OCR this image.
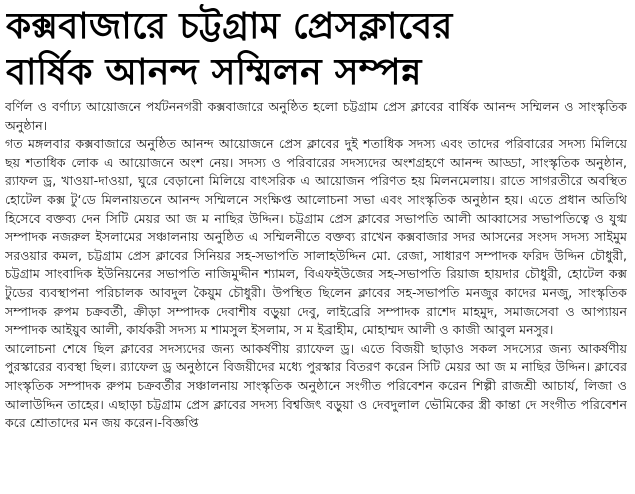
কক্সবাজারে চট্টগ্রাম প্রেসক্লাবের
বার্ষিক আনন্দ সম্মিলন সম্পন্ন

বর্ণিল ও বর্ণাঢ্য আয়োজনে পর্যটননগরী কক্সবাজারে অনুষ্ঠিত হলো চট্টগ্রাম প্রেস ক্লাবের বার্ষিক আনন্দ সম্মিলন ও সাংস্কৃতিক অনুষ্ঠান।

গত মঙ্গলবার কক্সবাজারে অনুষ্ঠিত আনন্দ আয়োজনে প্রেস ক্লাবের দুই শতাধিক সদস্য এবং তাদের পরিবারের সদস্য মিলিয়ে ছয় শতাধিক লোক এ আয়োজনে অংশ নেয়। সদস্য ও পরিবারের সদস্যদের অংশগ্রহণে আনন্দ আড্ডা, সাংস্কৃতিক অনুষ্ঠান, র‌্যাফল ড্র, খাওয়া-দাওয়া, ঘুরে বেড়ানো মিলিয়ে বাৎসরিক এ আয়োজন পরিণত হয় মিলনমেলায়। রাতে সাগরতীরে অবস্থিত হোটেল কক্স টু‘ডে মিলনায়তনে আনন্দ সম্মিলনে সংক্ষিপ্ত আলোচনা সভা এবং সাংস্কৃতিক অনুষ্ঠান হয়। এতে প্রধান অতিথি হিসেবে বক্তব্য দেন সিটি মেয়র আ জ ম নাছির উদ্দিন। চট্টগ্রাম প্রেস ক্লাবের সভাপতি আলী আব্বাসের সভাপতিত্বে ও যুগ্ম সম্পাদক নজরুল ইসলামের সঞ্চালনায় অনুষ্ঠিত এ সম্মিলনীতে বক্তব্য রাখেন কক্সবাজার সদর আসনের সংসদ সদস্য সাইমুম সরওয়ার কমল, চট্টগ্রাম প্রেস ক্লাবের সিনিয়র সহ-সভাপতি সালাহউদ্দিন মো. রেজা, সাধারণ সম্পাদক ফরিদ উদ্দিন চৌধুরী, চট্টগ্রাম সাংবাদিক ইউনিয়নের সভাপতি নাজিমুদ্দীন শ্যামল, বিএফইউজের সহ-সভাপতি রিয়াজ হায়দার চৌধুরী, হোটেল কক্স টুডের ব্যবস্থাপনা পরিচালক আবদুল কৈয়ুম চৌধুরী। উপস্থিত ছিলেন ক্লাবের সহ-সভাপতি মনজুর কাদের মনজু, সাংস্কৃতিক সম্পাদক রুপম চক্রবর্তী, ক্রীড়া সম্পাদক দেবাশীষ বড়ুয়া দেবু, লাইব্রেরি সম্পাদক রাশেদ মাহমুদ, সমাজসেবা ও আপ্যায়ন সম্পাদক আইয়ুব আলী, কার্যকরী সদস্য ম শামসুল ইসলাম, স ম ইব্রাহীম, মোহাম্মদ আলী ও কাজী আবুল মনসুর।

আলোচনা শেষে ছিল ক্লাবের সদস্যদের জন্য আকর্ষণীয় র‌্যাফেল ড্র। এতে বিজয়ী ছাড়াও সকল সদস্যের জন্য আকর্ষণীয় পুরস্কারের ব্যবস্থা ছিল। র‌্যাফেল ড্র অনুষ্ঠানে বিজয়ীদের মধ্যে পুরস্কার বিতরণ করেন সিটি মেয়র আ জ ম নাছির উদ্দিন। ক্লাবের সাংস্কৃতিক সম্পাদক রুপম চক্রবর্তীর সঞ্চালনায় সাংস্কৃতিক অনুষ্ঠানে সংগীত পরিবেশন করেন শিল্পী রাজশ্রী আচার্য, লিজা ও আলাউদ্দিন তাহের। এছাড়া চট্টগ্রাম প্রেস ক্লাবের সদস্য বিশ্বজিৎ বড়ুয়া ও দেবদুলাল ভৌমিকের স্ত্রী কান্তা দে সংগীত পরিবেশন করে শ্রোতাদের মন জয় করেন।-বিজ্ঞপ্তি
